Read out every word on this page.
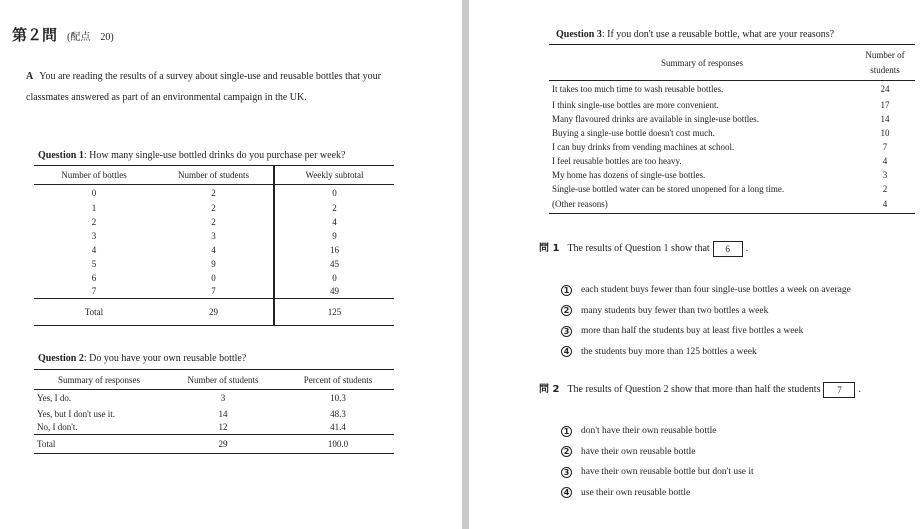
第２問 (配点　20)
A You are reading the results of a survey about single-use and reusable bottles that your classmates answered as part of an environmental campaign in the UK.
Question 1: How many single-use bottled drinks do you purchase per week?
Number of bottles	Number of students	Weekly subtotal
0	2	0
1	2	2
2	2	4
3	3	9
4	4	16
5	9	45
6	0	0
7	7	49
Total	29	125
Question 2: Do you have your own reusable bottle?
Summary of responses	Number of students	Percent of students
Yes, I do.	3	10.3
Yes, but I don't use it.	14	48.3
No, I don't.	12	41.4
Total	29	100.0
Question 3: If you don't use a reusable bottle, what are your reasons?
Summary of responses	Number of students
It takes too much time to wash reusable bottles.	24
I think single-use bottles are more convenient.	17
Many flavoured drinks are available in single-use bottles.	14
Buying a single-use bottle doesn't cost much.	10
I can buy drinks from vending machines at school.	7
I feel reusable bottles are too heavy.	4
My home has dozens of single-use bottles.	3
Single-use bottled water can be stored unopened for a long time.	2
(Other reasons)	4
問 1 The results of Question 1 show that 6 .
1 each student buys fewer than four single-use bottles a week on average
2 many students buy fewer than two bottles a week
3 more than half the students buy at least five bottles a week
4 the students buy more than 125 bottles a week
問 2 The results of Question 2 show that more than half the students 7 .
1 don't have their own reusable bottle
2 have their own reusable bottle
3 have their own reusable bottle but don't use it
4 use their own reusable bottle
